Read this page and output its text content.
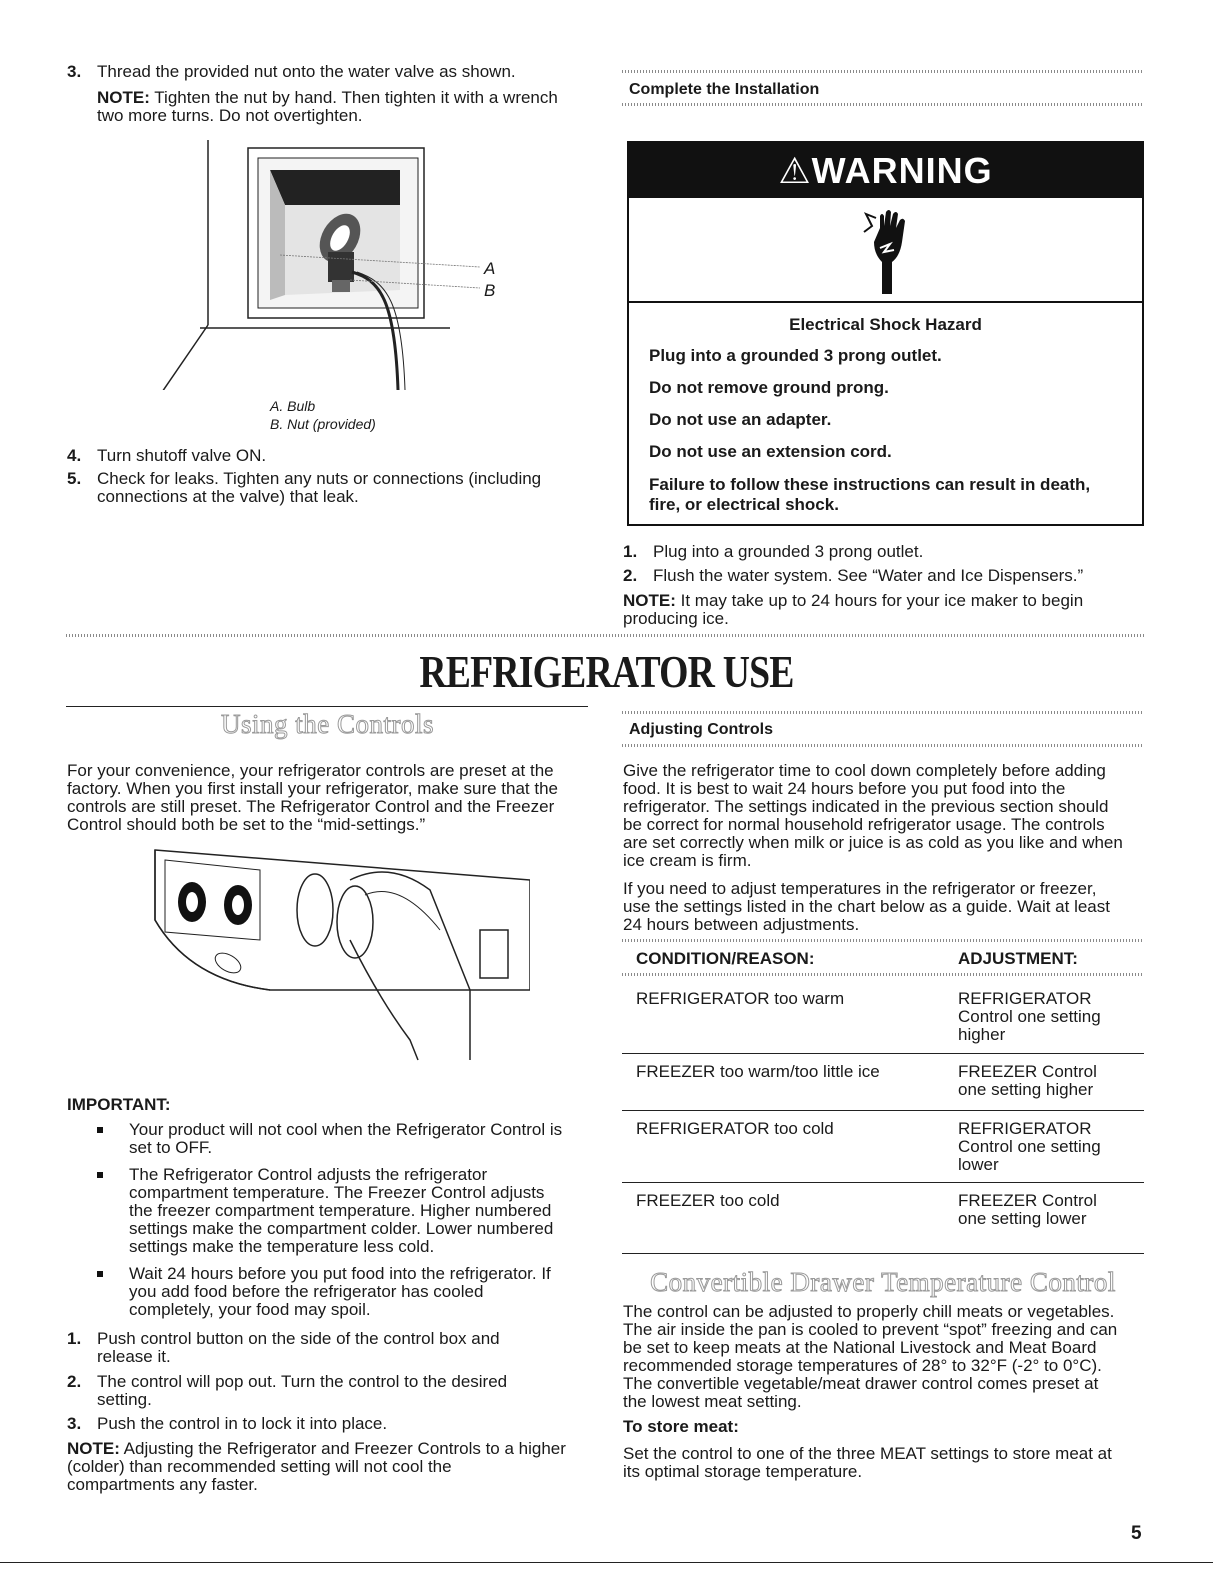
3. Thread the provided nut onto the water valve as shown.
NOTE: Tighten the nut by hand. Then tighten it with a wrench
two more turns. Do not overtighten.
A
B
A. Bulb
B. Nut (provided)
4. Turn shutoff valve ON.
5. Check for leaks. Tighten any nuts or connections (including
connections at the valve) that leak.
Complete the Installation
⚠WARNING
Electrical Shock Hazard
Plug into a grounded 3 prong outlet.
Do not remove ground prong.
Do not use an adapter.
Do not use an extension cord.
Failure to follow these instructions can result in death,
fire, or electrical shock.
1. Plug into a grounded 3 prong outlet.
2. Flush the water system. See “Water and Ice Dispensers.”
NOTE: It may take up to 24 hours for your ice maker to begin
producing ice.
REFRIGERATOR USE
Using the Controls
For your convenience, your refrigerator controls are preset at the
factory. When you first install your refrigerator, make sure that the
controls are still preset. The Refrigerator Control and the Freezer
Control should both be set to the “mid-settings.”
IMPORTANT:
Your product will not cool when the Refrigerator Control is
set to OFF.
The Refrigerator Control adjusts the refrigerator
compartment temperature. The Freezer Control adjusts
the freezer compartment temperature. Higher numbered
settings make the compartment colder. Lower numbered
settings make the temperature less cold.
Wait 24 hours before you put food into the refrigerator. If
you add food before the refrigerator has cooled
completely, your food may spoil.
1. Push control button on the side of the control box and
release it.
2. The control will pop out. Turn the control to the desired
setting.
3. Push the control in to lock it into place.
NOTE: Adjusting the Refrigerator and Freezer Controls to a higher
(colder) than recommended setting will not cool the
compartments any faster.
Adjusting Controls
Give the refrigerator time to cool down completely before adding
food. It is best to wait 24 hours before you put food into the
refrigerator. The settings indicated in the previous section should
be correct for normal household refrigerator usage. The controls
are set correctly when milk or juice is as cold as you like and when
ice cream is firm.
If you need to adjust temperatures in the refrigerator or freezer,
use the settings listed in the chart below as a guide. Wait at least
24 hours between adjustments.
CONDITION/REASON:	ADJUSTMENT:
REFRIGERATOR too warm	REFRIGERATOR
Control one setting
higher
FREEZER too warm/too little ice	FREEZER Control
one setting higher
REFRIGERATOR too cold	REFRIGERATOR
Control one setting
lower
FREEZER too cold	FREEZER Control
one setting lower
Convertible Drawer Temperature Control
The control can be adjusted to properly chill meats or vegetables.
The air inside the pan is cooled to prevent “spot” freezing and can
be set to keep meats at the National Livestock and Meat Board
recommended storage temperatures of 28° to 32°F (-2° to 0°C).
The convertible vegetable/meat drawer control comes preset at
the lowest meat setting.
To store meat:
Set the control to one of the three MEAT settings to store meat at
its optimal storage temperature.
5
